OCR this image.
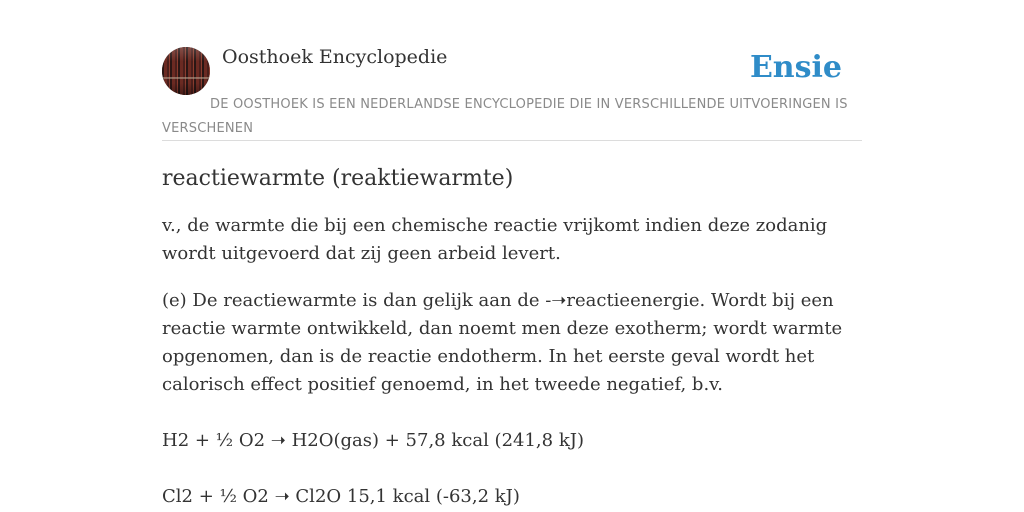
Oosthoek Encyclopedie	Ensie
DE OOSTHOEK IS EEN NEDERLANDSE ENCYCLOPEDIE DIE IN VERSCHILLENDE UITVOERINGEN IS VERSCHENEN
reactiewarmte (reaktiewarmte)

v., de warmte die bij een chemische reactie vrijkomt indien deze zodanig wordt uitgevoerd dat zij geen arbeid levert.

(e) De reactiewarmte is dan gelijk aan de -➝reactieenergie. Wordt bij een reactie warmte ontwikkeld, dan noemt men deze exotherm; wordt warmte opgenomen, dan is de reactie endotherm. In het eerste geval wordt het calorisch effect positief genoemd, in het tweede negatief, b.v.

H2 + ½ O2 ➝ H2O(gas) + 57,8 kcal (241,8 kJ)

Cl2 + ½ O2 ➝ Cl2O 15,1 kcal (-63,2 kJ)
